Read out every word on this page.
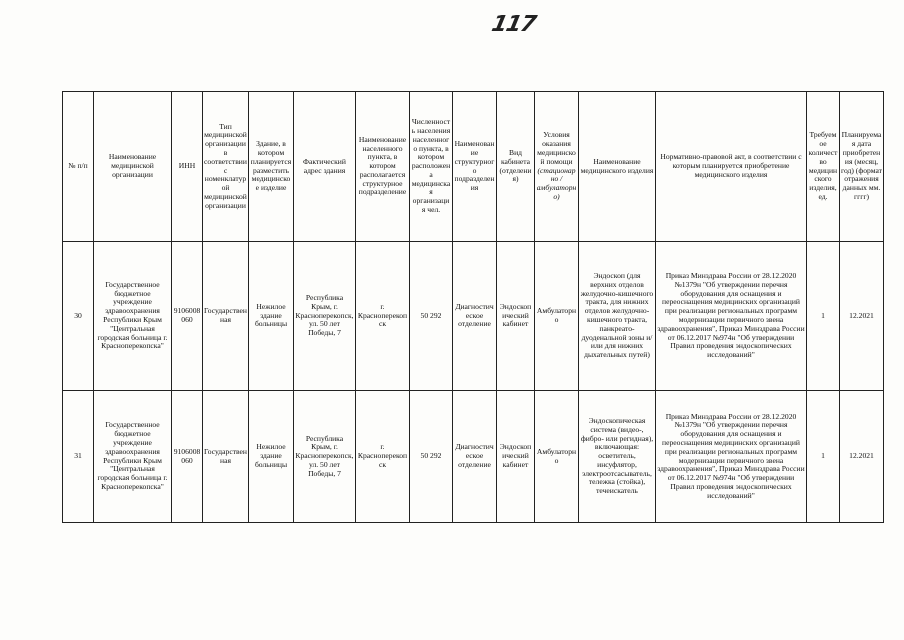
117
№ п/п	Наименование медицинской организации	ИНН	Тип медицинской организации в соответствии с номенклатурой медицинской организации	Здание, в котором планируется разместить медицинское изделие	Фактический адрес здания	Наименование населенного пункта, в котором располагается структурное подразделение	Численность населения населенного пункта, в котором расположена медицинская организация чел.	Наименование структурного подразделения	Вид кабинета (отделения)	Условия оказания медицинской помощи (стационарно / амбулаторно)	Наименование медицинского изделия	Нормативно-правовой акт, в соответствии с которым планируется приобретение медицинского изделия	Требуемое количество медицинского изделия, ед.	Планируемая дата приобретения (месяц, год) (формат отражения данных мм. гггг)
30	Государственное бюджетное учреждение здравоохранения Республики Крым "Центральная городская больница г. Красноперекопска"	9106008060	Государственная	Нежилое здание больницы	Республика Крым, г. Красноперекопск, ул. 50 лет Победы, 7	г. Красноперекопск	50 292	Диагностическое отделение	Эндоскопический кабинет	Амбулаторно	Эндоскоп (для верхних отделов желудочно-кишечного тракта, для нижних отделов желудочно-кишечного тракта, панкреато-дуоденальной зоны и/или для нижних дыхательных путей)	Приказ Минздрава России от 28.12.2020 №1379н "Об утверждении перечня оборудования для оснащения и переоснащения медицинских организаций при реализации региональных программ модернизации первичного звена здравоохранения", Приказ Минздрава России от 06.12.2017 №974н "Об утверждении Правил проведения эндоскопических исследований"	1	12.2021
31	Государственное бюджетное учреждение здравоохранения Республики Крым "Центральная городская больница г. Красноперекопска"	9106008060	Государственная	Нежилое здание больницы	Республика Крым, г. Красноперекопск, ул. 50 лет Победы, 7	г. Красноперекопск	50 292	Диагностическое отделение	Эндоскопический кабинет	Амбулаторно	Эндоскопическая система (видео-, фибро- или регидная), включающая: осветитель, инсуфлятор, электроотсасыватель, тележка (стойка), течеискатель	Приказ Минздрава России от 28.12.2020 №1379н "Об утверждении перечня оборудования для оснащения и переоснащения медицинских организаций при реализации региональных программ модернизации первичного звена здравоохранения", Приказ Минздрава России от 06.12.2017 №974н "Об утверждении Правил проведения эндоскопических исследований"	1	12.2021
